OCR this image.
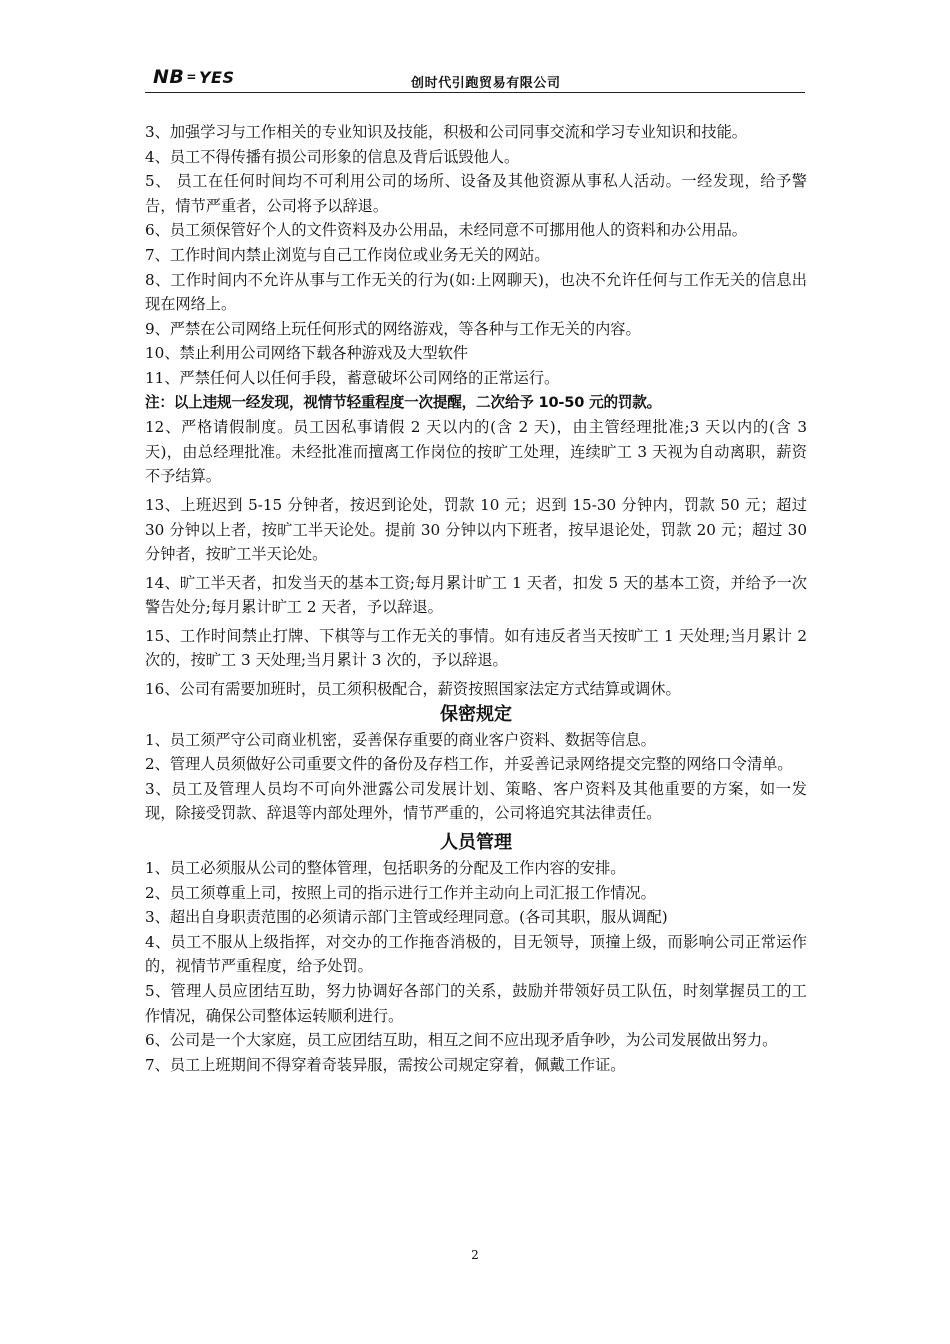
NB = YES	创时代引跑贸易有限公司

3、加强学习与工作相关的专业知识及技能，积极和公司同事交流和学习专业知识和技能。

4、员工不得传播有损公司形象的信息及背后诋毁他人。

5、 员工在任何时间均不可利用公司的场所、设备及其他资源从事私人活动。一经发现，给予警告，情节严重者，公司将予以辞退。

6、员工须保管好个人的文件资料及办公用品，未经同意不可挪用他人的资料和办公用品。

7、工作时间内禁止浏览与自己工作岗位或业务无关的网站。

8、工作时间内不允许从事与工作无关的行为(如:上网聊天)，也决不允许任何与工作无关的信息出现在网络上。

9、严禁在公司网络上玩任何形式的网络游戏，等各种与工作无关的内容。

10、禁止利用公司网络下载各种游戏及大型软件

11、严禁任何人以任何手段，蓄意破坏公司网络的正常运行。

注：以上违规一经发现，视情节轻重程度一次提醒，二次给予 10-50 元的罚款。

12、严格请假制度。员工因私事请假 2 天以内的(含 2 天)，由主管经理批准;3 天以内的(含 3 天)，由总经理批准。未经批准而擅离工作岗位的按旷工处理，连续旷工 3 天视为自动离职，薪资不予结算。

13、上班迟到 5-15 分钟者，按迟到论处，罚款 10 元；迟到 15-30 分钟内，罚款 50 元；超过 30 分钟以上者，按旷工半天论处。提前 30 分钟以内下班者，按早退论处，罚款 20 元；超过 30 分钟者，按旷工半天论处。

14、旷工半天者，扣发当天的基本工资;每月累计旷工 1 天者，扣发 5 天的基本工资，并给予一次警告处分;每月累计旷工 2 天者，予以辞退。

15、工作时间禁止打牌、下棋等与工作无关的事情。如有违反者当天按旷工 1 天处理;当月累计 2 次的，按旷工 3 天处理;当月累计 3 次的，予以辞退。

16、公司有需要加班时，员工须积极配合，薪资按照国家法定方式结算或调休。

保密规定

1、员工须严守公司商业机密，妥善保存重要的商业客户资料、数据等信息。

2、管理人员须做好公司重要文件的备份及存档工作，并妥善记录网络提交完整的网络口令清单。

3、员工及管理人员均不可向外泄露公司发展计划、策略、客户资料及其他重要的方案，如一发现，除接受罚款、辞退等内部处理外，情节严重的，公司将追究其法律责任。

人员管理

1、员工必须服从公司的整体管理，包括职务的分配及工作内容的安排。

2、员工须尊重上司，按照上司的指示进行工作并主动向上司汇报工作情况。

3、超出自身职责范围的必须请示部门主管或经理同意。(各司其职，服从调配)

4、员工不服从上级指挥，对交办的工作拖沓消极的，目无领导，顶撞上级，而影响公司正常运作的，视情节严重程度，给予处罚。

5、管理人员应团结互助，努力协调好各部门的关系，鼓励并带领好员工队伍，时刻掌握员工的工作情况，确保公司整体运转顺利进行。

6、公司是一个大家庭，员工应团结互助，相互之间不应出现矛盾争吵，为公司发展做出努力。

7、员工上班期间不得穿着奇装异服，需按公司规定穿着，佩戴工作证。

2
